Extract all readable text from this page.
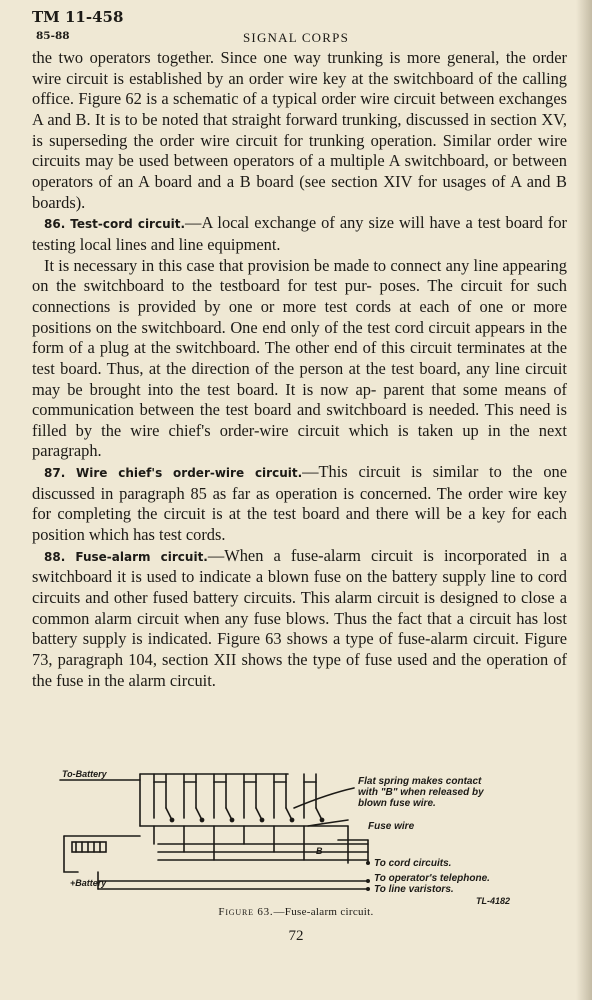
TM 11-458
85-88	SIGNAL CORPS

the two operators together. Since one way trunking is more general, the order wire circuit is established by an order wire key at the switchboard of the calling office. Figure 62 is a schematic of a typical order wire circuit between exchanges A and B. It is to be noted that straight forward trunking, discussed in section XV, is superseding the order wire circuit for trunking operation. Similar order wire circuits may be used between operators of a multiple A switchboard, or between operators of an A board and a B board (see section XIV for usages of A and B boards).

86. Test-cord circuit.—A local exchange of any size will have a test board for testing local lines and line equipment.

It is necessary in this case that provision be made to connect any line appearing on the switchboard to the testboard for test pur- poses. The circuit for such connections is provided by one or more test cords at each of one or more positions on the switchboard. One end only of the test cord circuit appears in the form of a plug at the switchboard. The other end of this circuit terminates at the test board. Thus, at the direction of the person at the test board, any line circuit may be brought into the test board. It is now ap- parent that some means of communication between the test board and switchboard is needed. This need is filled by the wire chief's order-wire circuit which is taken up in the next paragraph.

87. Wire chief's order-wire circuit.—This circuit is similar to the one discussed in paragraph 85 as far as operation is concerned. The order wire key for completing the circuit is at the test board and there will be a key for each position which has test cords.

88. Fuse-alarm circuit.—When a fuse-alarm circuit is incorporated in a switchboard it is used to indicate a blown fuse on the battery supply line to cord circuits and other fused battery circuits. This alarm circuit is designed to close a common alarm circuit when any fuse blows. Thus the fact that a circuit has lost battery supply is indicated. Figure 63 shows a type of fuse-alarm circuit. Figure 73, paragraph 104, section XII shows the type of fuse used and the operation of the fuse in the alarm circuit.

To-Battery
+Battery
Flat spring makes contact
with "B" when released by
blown fuse wire.
Fuse wire
B
To cord circuits.
To operator's telephone.
To line varistors.
TL-4182
Figure 63.—Fuse-alarm circuit.
72
